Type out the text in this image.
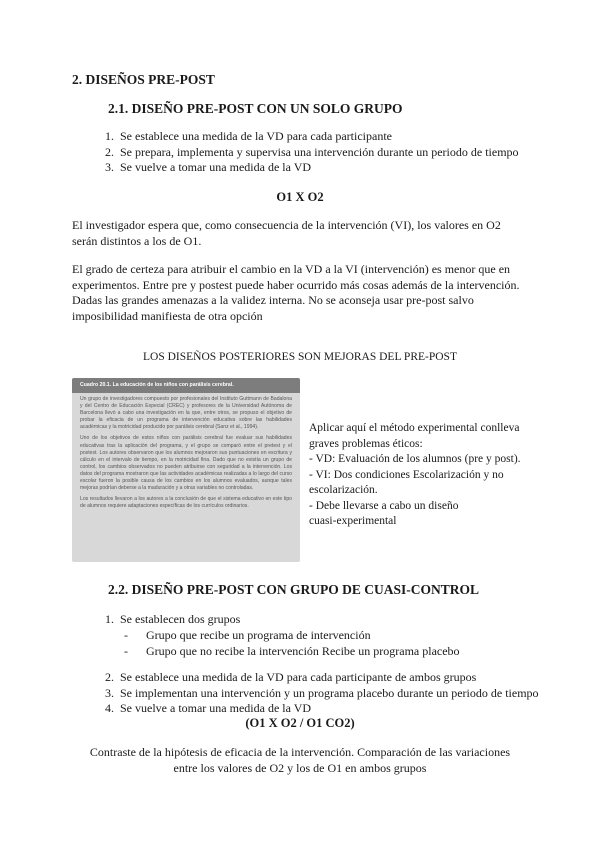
2. DISEÑOS PRE-POST
2.1. DISEÑO PRE-POST CON UN SOLO GRUPO
1. Se establece una medida de la VD para cada participante
2. Se prepara, implementa y supervisa una intervención durante un periodo de tiempo
3. Se vuelve a tomar una medida de la VD
O1 X O2
El investigador espera que, como consecuencia de la intervención (VI), los valores en O2 serán distintos a los de O1.
El grado de certeza para atribuir el cambio en la VD a la VI (intervención) es menor que en experimentos. Entre pre y postest puede haber ocurrido más cosas además de la intervención. Dadas las grandes amenazas a la validez interna. No se aconseja usar pre-post salvo imposibilidad manifiesta de otra opción
LOS DISEÑOS POSTERIORES SON MEJORAS DEL PRE-POST
Cuadro 20.1. La educación de los niños con parálisis cerebral.

Un grupo de investigadores compuesto por profesionales del Instituto Guttmann de Badalona y del Centro de Educación Especial (CREC) y profesores de la Universidad Autónoma de Barcelona llevó a cabo una investigación en la que, entre otros, se propuso el objetivo de probar la eficacia de un programa de intervención educativa sobre las habilidades académicas y la motricidad producido por parálisis cerebral (Sanz et al., 1994).

Uno de los objetivos de estos niños con parálisis cerebral fue evaluar sus habilidades educativas tras la aplicación del programa, y el grupo se comparó entre el pretest y el postest. Los autores observaron que los alumnos mejoraron sus puntuaciones en escritura y cálculo en el intervalo de tiempo, en la motricidad fina. Dado que no existía un grupo de control, los cambios observados no pueden atribuirse con seguridad a la intervención. Los datos del programa mostraron que las actividades académicas realizadas a lo largo del curso escolar fueron la posible causa de los cambios en los alumnos evaluados, aunque tales mejoras podrían deberse a la maduración y a otras variables no controladas.

Los resultados llevaron a los autores a la conclusión de que el sistema educativo en este tipo de alumnos requiere adaptaciones específicas de los currículos ordinarios.

Aplicar aquí el método experimental conlleva
graves problemas éticos:
- VD: Evaluación de los alumnos (pre y post).
- VI: Dos condiciones Escolarización y no
escolarización.
- Debe llevarse a cabo un diseño
cuasi-experimental
2.2. DISEÑO PRE-POST CON GRUPO DE CUASI-CONTROL
1. Se establecen dos grupos
- Grupo que recibe un programa de intervención
- Grupo que no recibe la intervención Recibe un programa placebo
2. Se establece una medida de la VD para cada participante de ambos grupos
3. Se implementan una intervención y un programa placebo durante un periodo de tiempo
4. Se vuelve a tomar una medida de la VD
(O1 X O2 / O1 CO2)
Contraste de la hipótesis de eficacia de la intervención. Comparación de las variaciones entre los valores de O2 y los de O1 en ambos grupos
